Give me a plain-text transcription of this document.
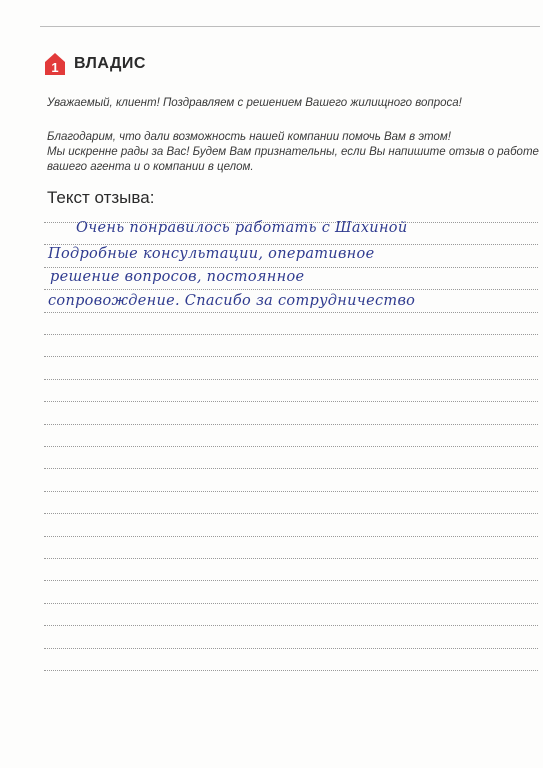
1 ВЛАДИС
Уважаемый, клиент! Поздравляем с решением Вашего жилищного вопроса!
Благодарим, что дали возможность нашей компании помочь Вам в этом!
Мы искренне рады за Вас! Будем Вам признательны, если Вы напишите отзыв о работе
вашего агента и о компании в целом.
Текст отзыва:
Очень понравилось работать с Шахиной
Подробные консультации, оперативное
решение вопросов, постоянное
сопровождение. Спасибо за сотрудничество
